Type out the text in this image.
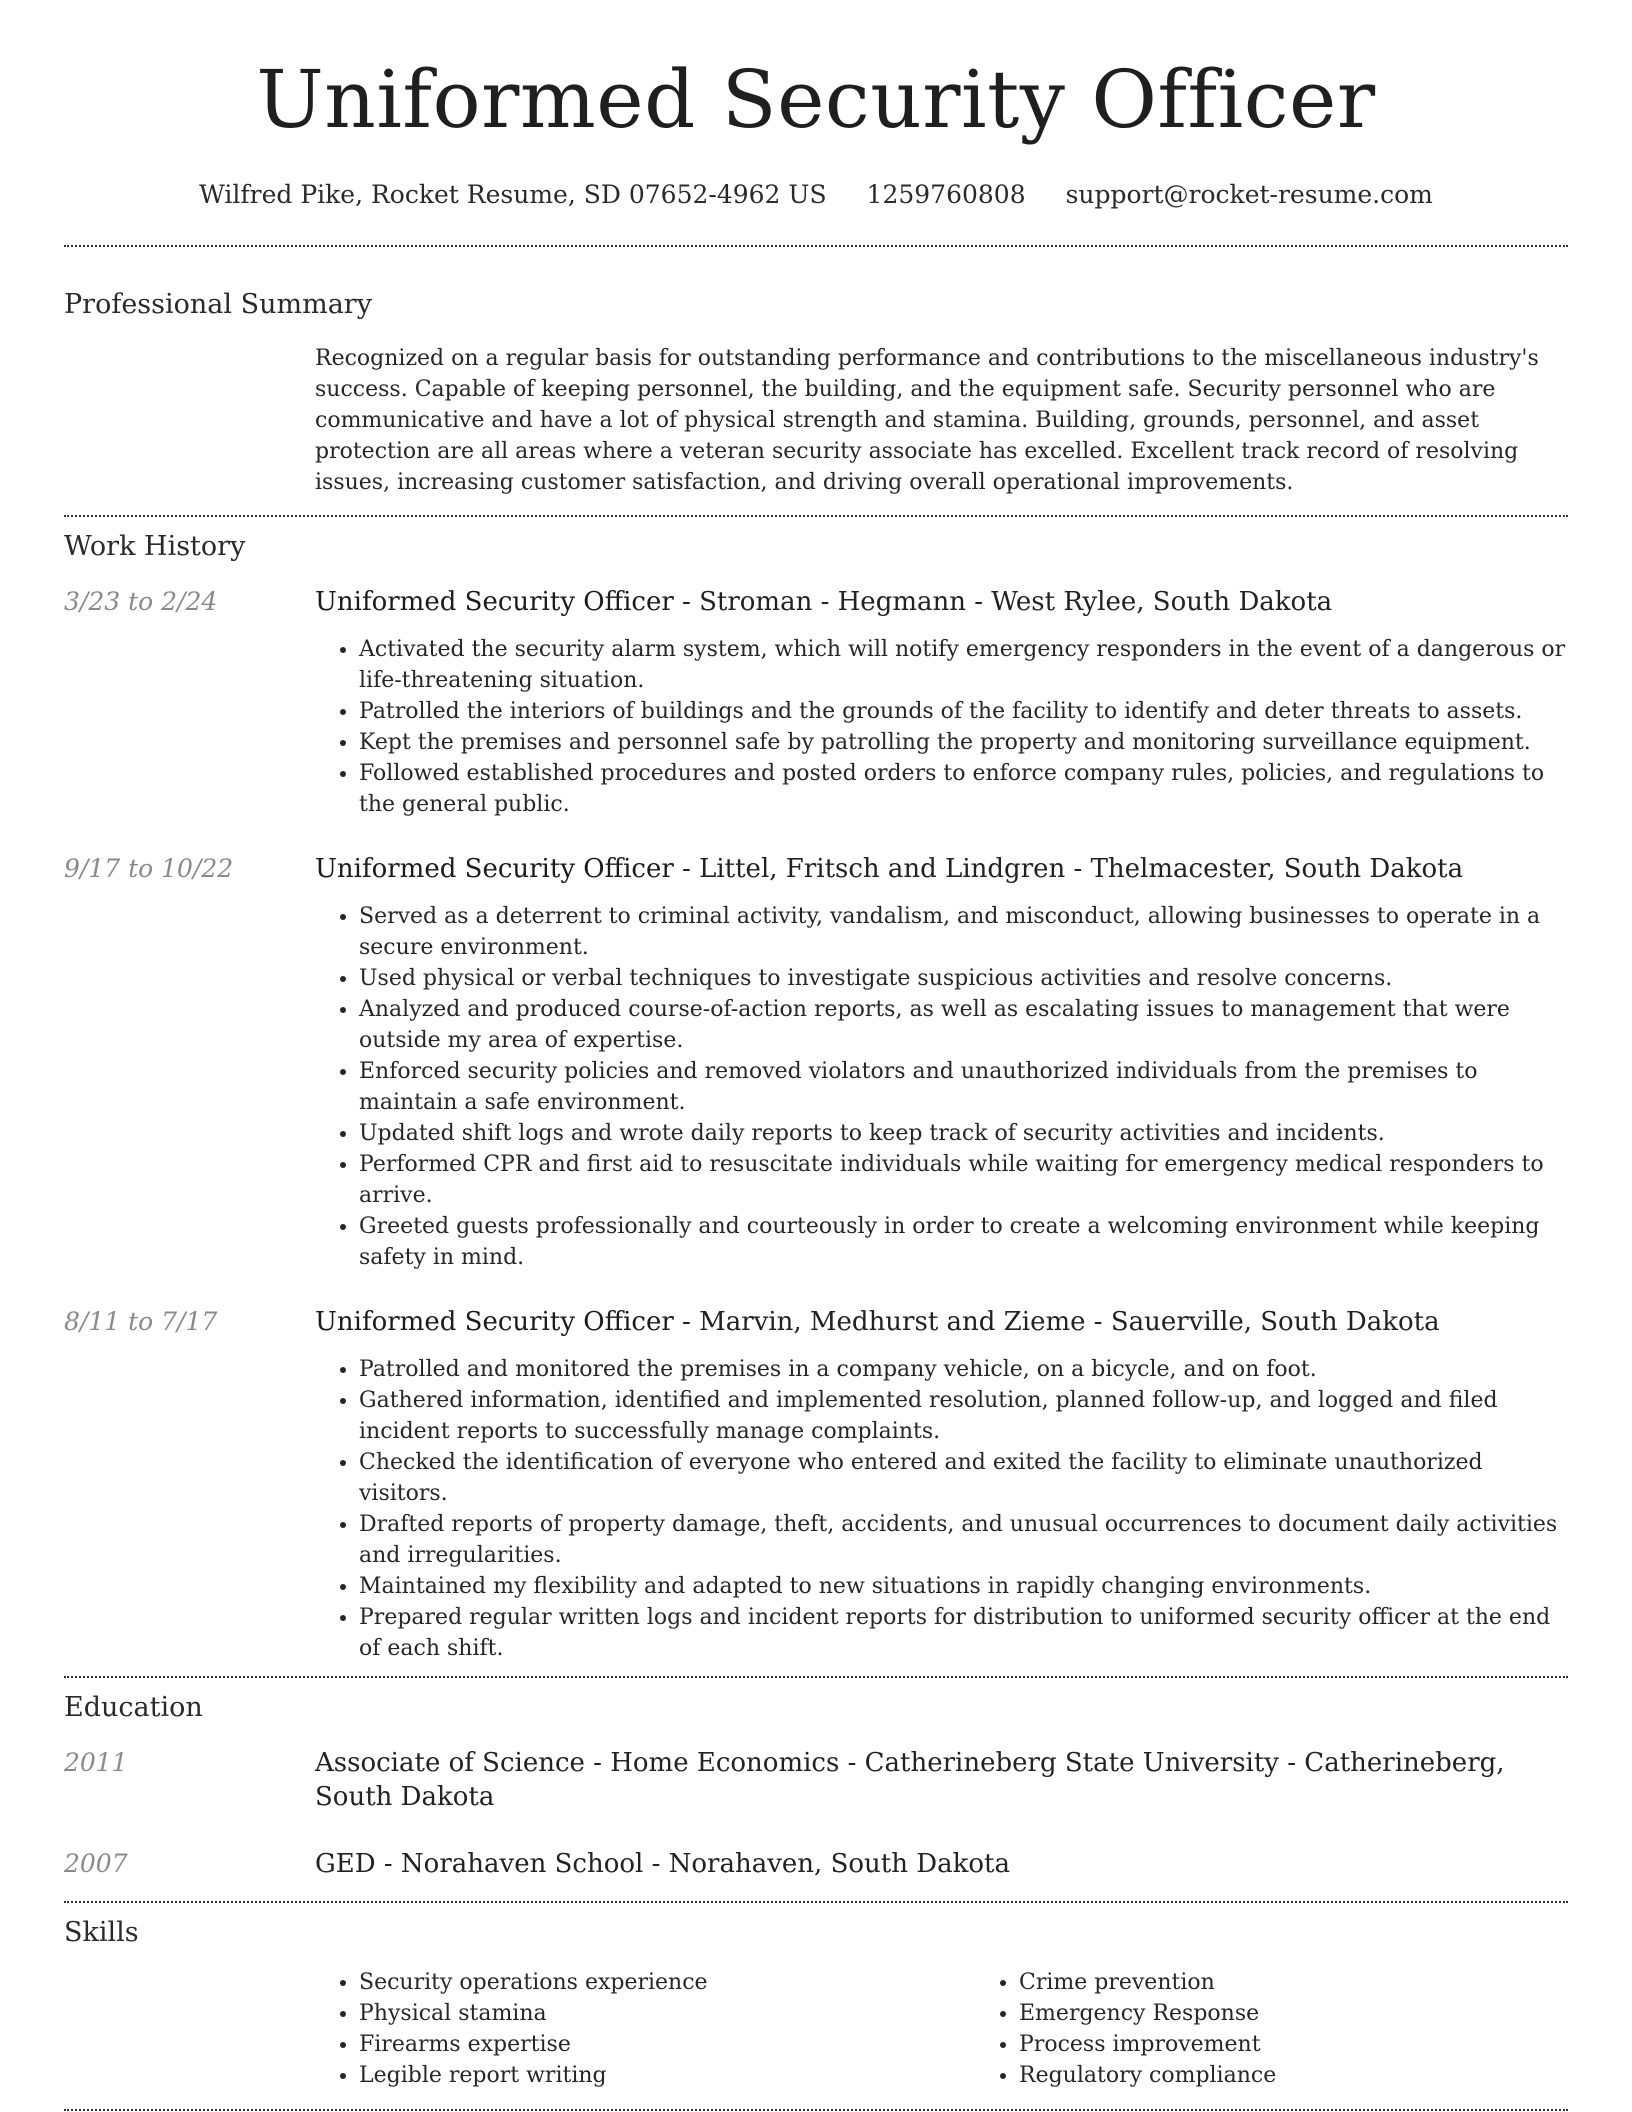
Uniformed Security Officer
Wilfred Pike, Rocket Resume, SD 07652-4962 US 1259760808 support@rocket-resume.com
Professional Summary

Recognized on a regular basis for outstanding performance and contributions to the miscellaneous industry's success. Capable of keeping personnel, the building, and the equipment safe. Security personnel who are communicative and have a lot of physical strength and stamina. Building, grounds, personnel, and asset protection are all areas where a veteran security associate has excelled. Excellent track record of resolving issues, increasing customer satisfaction, and driving overall operational improvements.

Work History
3/23 to 2/24	Uniformed Security Officer - Stroman - Hegmann - West Rylee, South Dakota
• Activated the security alarm system, which will notify emergency responders in the event of a dangerous or life-threatening situation.
• Patrolled the interiors of buildings and the grounds of the facility to identify and deter threats to assets.
• Kept the premises and personnel safe by patrolling the property and monitoring surveillance equipment.
• Followed established procedures and posted orders to enforce company rules, policies, and regulations to the general public.
9/17 to 10/22	Uniformed Security Officer - Littel, Fritsch and Lindgren - Thelmacester, South Dakota
• Served as a deterrent to criminal activity, vandalism, and misconduct, allowing businesses to operate in a secure environment.
• Used physical or verbal techniques to investigate suspicious activities and resolve concerns.
• Analyzed and produced course-of-action reports, as well as escalating issues to management that were outside my area of expertise.
• Enforced security policies and removed violators and unauthorized individuals from the premises to maintain a safe environment.
• Updated shift logs and wrote daily reports to keep track of security activities and incidents.
• Performed CPR and first aid to resuscitate individuals while waiting for emergency medical responders to arrive.
• Greeted guests professionally and courteously in order to create a welcoming environment while keeping safety in mind.
8/11 to 7/17	Uniformed Security Officer - Marvin, Medhurst and Zieme - Sauerville, South Dakota
• Patrolled and monitored the premises in a company vehicle, on a bicycle, and on foot.
• Gathered information, identified and implemented resolution, planned follow-up, and logged and filed incident reports to successfully manage complaints.
• Checked the identification of everyone who entered and exited the facility to eliminate unauthorized visitors.
• Drafted reports of property damage, theft, accidents, and unusual occurrences to document daily activities and irregularities.
• Maintained my flexibility and adapted to new situations in rapidly changing environments.
• Prepared regular written logs and incident reports for distribution to uniformed security officer at the end of each shift.
Education
2011	Associate of Science - Home Economics - Catherineberg State University - Catherineberg, South Dakota
2007	GED - Norahaven School - Norahaven, South Dakota
Skills
• Security operations experience
• Physical stamina
• Firearms expertise
• Legible report writing
• Crime prevention
• Emergency Response
• Process improvement
• Regulatory compliance
